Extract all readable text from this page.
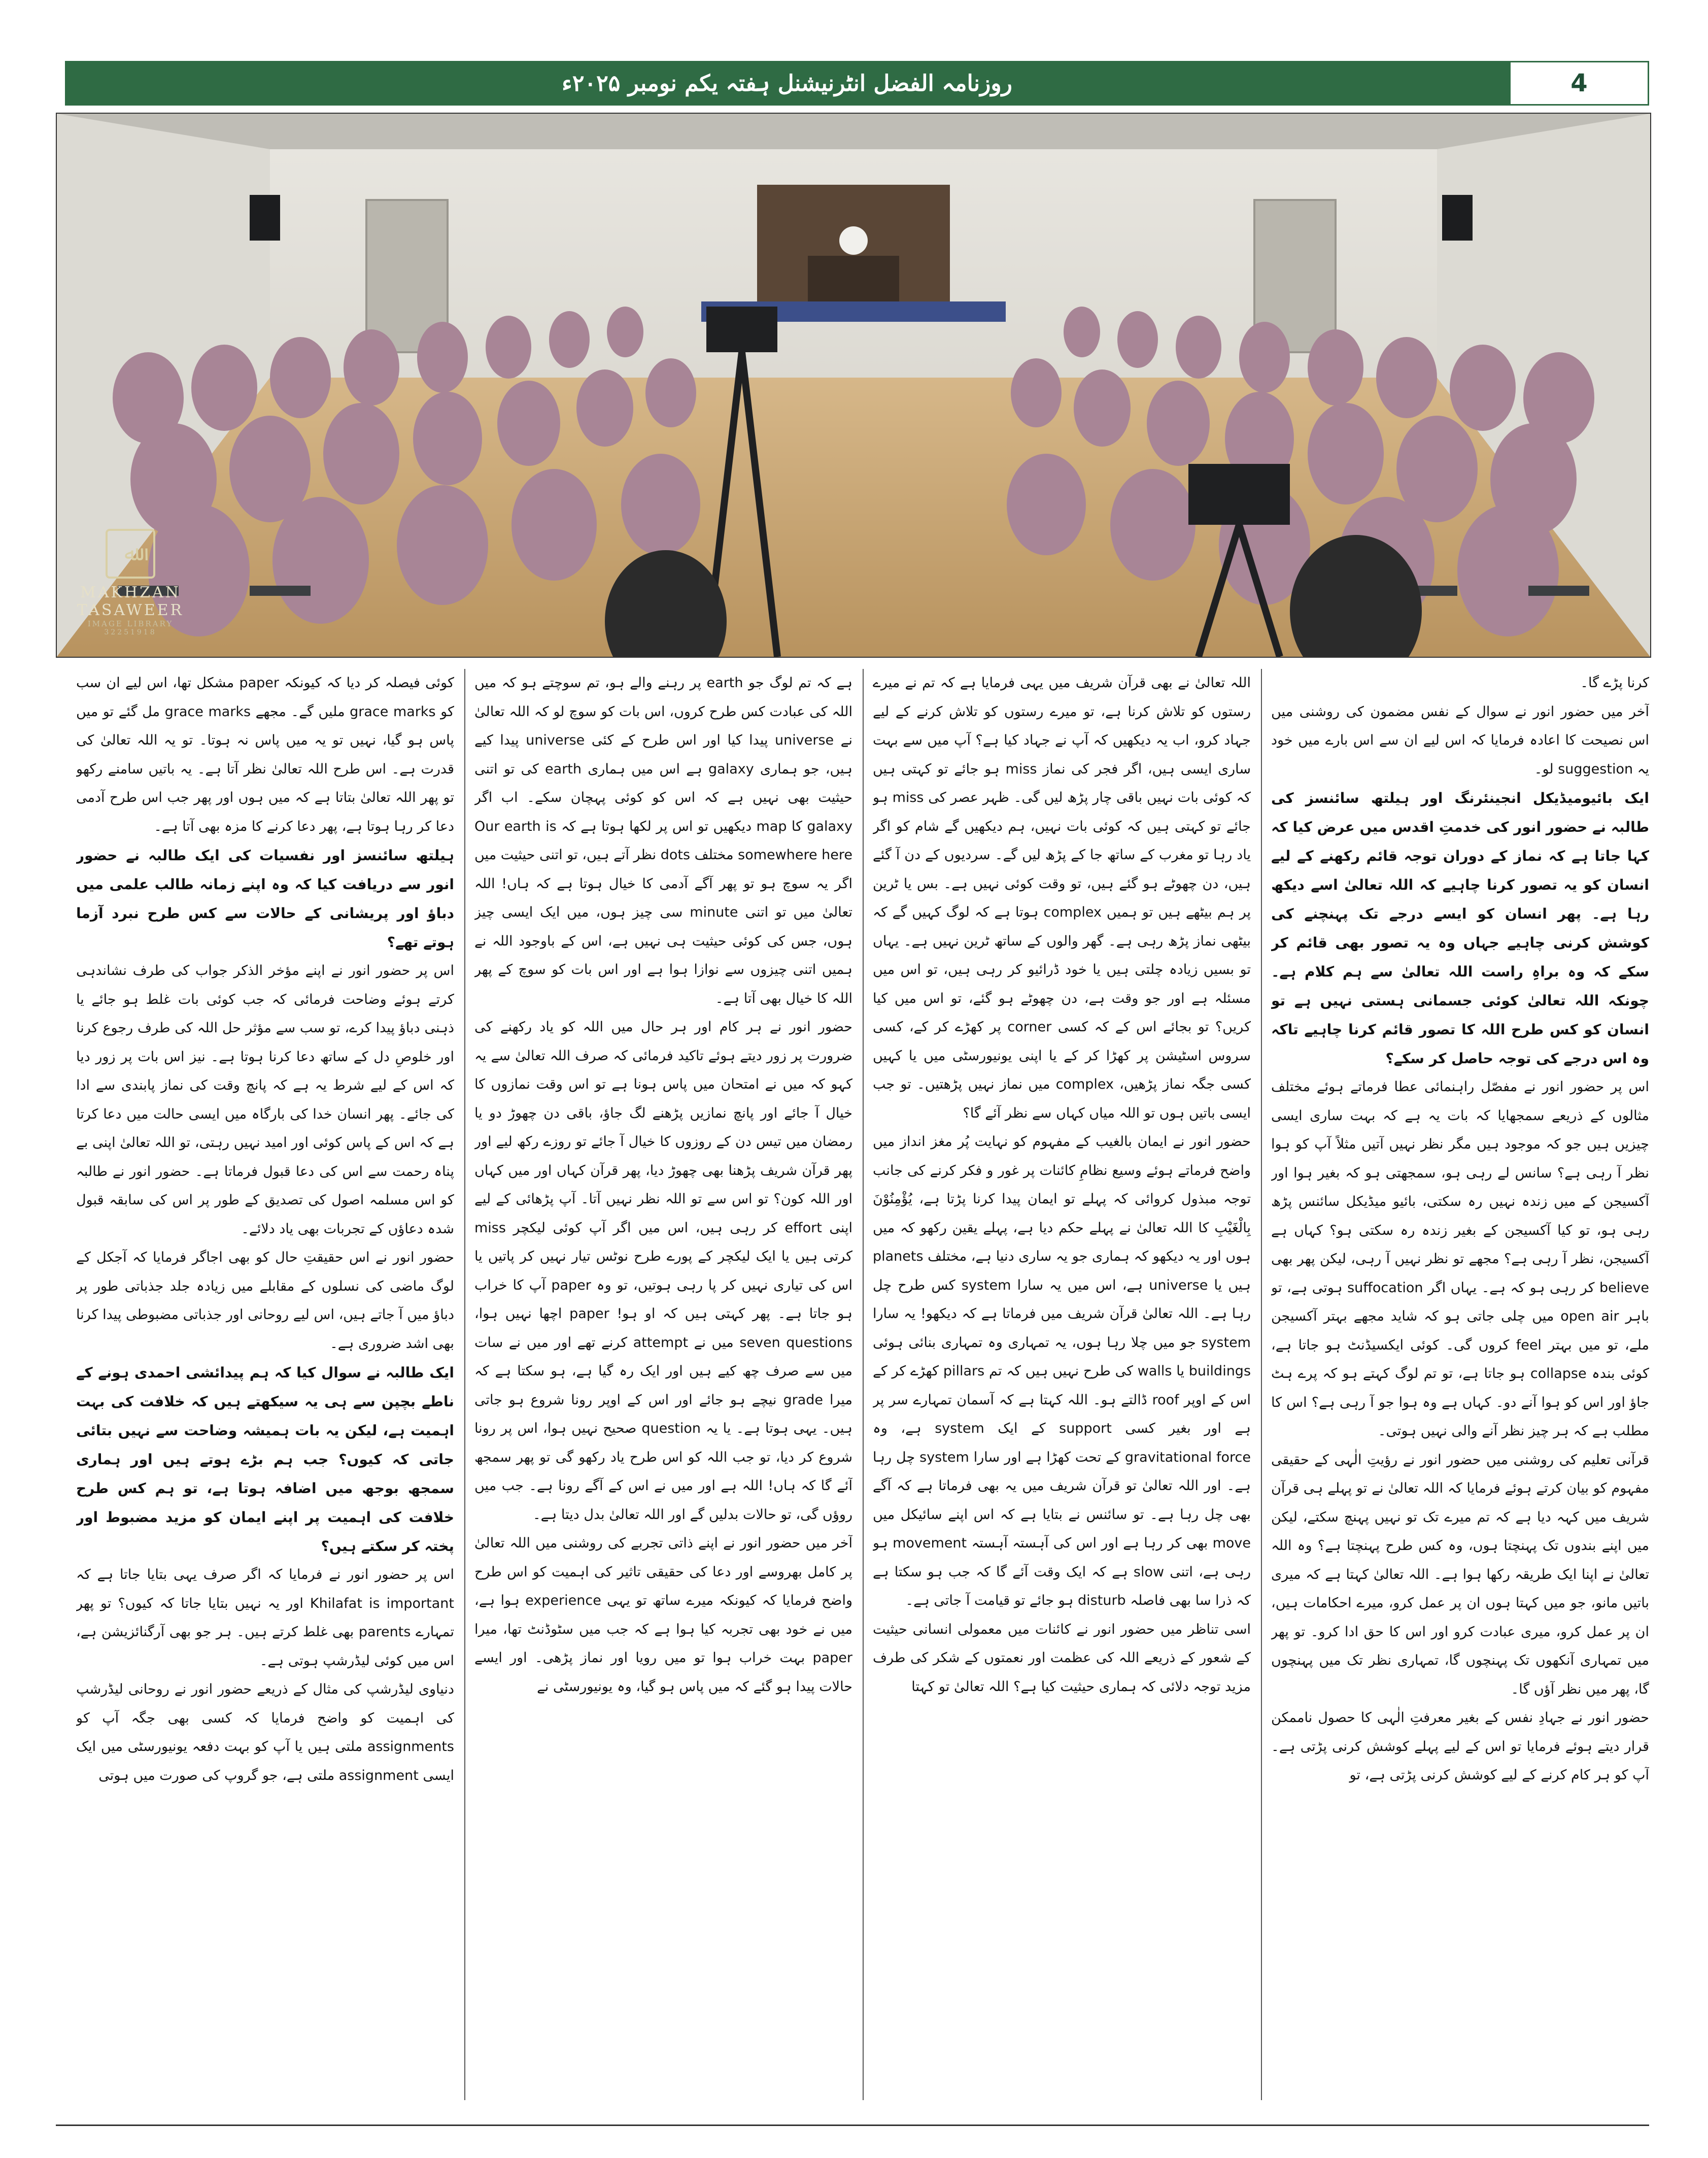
روزنامہ الفضل انٹرنیشنل ہفتہ یکم نومبر ۲۰۲۵ء	4
ﷲ
MAKHZAN
TASAWEER
IMAGE LIBRARY
32251918

کرنا پڑے گا۔

آخر میں حضور انور نے سوال کے نفس مضمون کی روشنی میں اس نصیحت کا اعادہ فرمایا کہ اس لیے ان سے اس بارے میں خود یہ suggestion لو۔

ایک بائیومیڈیکل انجینئرنگ اور ہیلتھ سائنسز کی طالبہ نے حضور انور کی خدمتِ اقدس میں عرض کیا کہ کہا جاتا ہے کہ نماز کے دوران توجہ قائم رکھنے کے لیے انسان کو یہ تصور کرنا چاہیے کہ اللہ تعالیٰ اسے دیکھ رہا ہے۔ پھر انسان کو ایسے درجے تک پہنچنے کی کوشش کرنی چاہیے جہاں وہ یہ تصور بھی قائم کر سکے کہ وہ براہِ راست اللہ تعالیٰ سے ہم کلام ہے۔ چونکہ اللہ تعالیٰ کوئی جسمانی ہستی نہیں ہے تو انسان کو کس طرح اللہ کا تصور قائم کرنا چاہیے تاکہ وہ اس درجے کی توجہ حاصل کر سکے؟

اس پر حضور انور نے مفصّل راہنمائی عطا فرماتے ہوئے مختلف مثالوں کے ذریعے سمجھایا کہ بات یہ ہے کہ بہت ساری ایسی چیزیں ہیں جو کہ موجود ہیں مگر نظر نہیں آتیں مثلاً آپ کو ہوا نظر آ رہی ہے؟ سانس لے رہی ہو، سمجھتی ہو کہ بغیر ہوا اور آکسیجن کے میں زندہ نہیں رہ سکتی، بائیو میڈیکل سائنس پڑھ رہی ہو، تو کیا آکسیجن کے بغیر زندہ رہ سکتی ہو؟ کہاں ہے آکسیجن، نظر آ رہی ہے؟ مجھے تو نظر نہیں آ رہی، لیکن پھر بھی believe کر رہی ہو کہ ہے۔ یہاں اگر suffocation ہوتی ہے، تو باہر open air میں چلی جاتی ہو کہ شاید مجھے بہتر آکسیجن ملے، تو میں بہتر feel کروں گی۔ کوئی ایکسیڈنٹ ہو جاتا ہے، کوئی بندہ collapse ہو جاتا ہے، تو تم لوگ کہتے ہو کہ پرے ہٹ جاؤ اور اس کو ہوا آنے دو۔ کہاں ہے وہ ہوا جو آ رہی ہے؟ اس کا مطلب ہے کہ ہر چیز نظر آنے والی نہیں ہوتی۔

قرآنی تعلیم کی روشنی میں حضور انور نے رؤیتِ الٰہی کے حقیقی مفہوم کو بیان کرتے ہوئے فرمایا کہ اللہ تعالیٰ نے تو پہلے ہی قرآن شریف میں کہہ دیا ہے کہ تم میرے تک تو نہیں پہنچ سکتے، لیکن میں اپنے بندوں تک پہنچتا ہوں، وہ کس طرح پہنچتا ہے؟ وہ اللہ تعالیٰ نے اپنا ایک طریقہ رکھا ہوا ہے۔ اللہ تعالیٰ کہتا ہے کہ میری باتیں مانو، جو میں کہتا ہوں ان پر عمل کرو، میرے احکامات ہیں، ان پر عمل کرو، میری عبادت کرو اور اس کا حق ادا کرو۔ تو پھر میں تمہاری آنکھوں تک پہنچوں گا، تمہاری نظر تک میں پہنچوں گا، پھر میں نظر آؤں گا۔

حضور انور نے جہادِ نفس کے بغیر معرفتِ الٰہی کا حصول ناممکن قرار دیتے ہوئے فرمایا تو اس کے لیے پہلے کوشش کرنی پڑتی ہے۔ آپ کو ہر کام کرنے کے لیے کوشش کرنی پڑتی ہے، تو

اللہ تعالیٰ نے بھی قرآن شریف میں یہی فرمایا ہے کہ تم نے میرے رستوں کو تلاش کرنا ہے، تو میرے رستوں کو تلاش کرنے کے لیے جہاد کرو، اب یہ دیکھیں کہ آپ نے جہاد کیا ہے؟ آپ میں سے بہت ساری ایسی ہیں، اگر فجر کی نماز miss ہو جائے تو کہتی ہیں کہ کوئی بات نہیں باقی چار پڑھ لیں گی۔ ظہر عصر کی miss ہو جائے تو کہتی ہیں کہ کوئی بات نہیں، ہم دیکھیں گے شام کو اگر یاد رہا تو مغرب کے ساتھ جا کے پڑھ لیں گے۔ سردیوں کے دن آ گئے ہیں، دن چھوٹے ہو گئے ہیں، تو وقت کوئی نہیں ہے۔ بس یا ٹرین پر ہم بیٹھے ہیں تو ہمیں complex ہوتا ہے کہ لوگ کہیں گے کہ بیٹھی نماز پڑھ رہی ہے۔ گھر والوں کے ساتھ ٹرین نہیں ہے۔ یہاں تو بسیں زیادہ چلتی ہیں یا خود ڈرائیو کر رہی ہیں، تو اس میں مسئلہ ہے اور جو وقت ہے، دن چھوٹے ہو گئے، تو اس میں کیا کریں؟ تو بجائے اس کے کہ کسی corner پر کھڑے کر کے، کسی سروس اسٹیشن پر کھڑا کر کے یا اپنی یونیورسٹی میں یا کہیں کسی جگہ نماز پڑھیں، complex میں نماز نہیں پڑھتیں۔ تو جب ایسی باتیں ہوں تو اللہ میاں کہاں سے نظر آئے گا؟

حضور انور نے ایمان بالغیب کے مفہوم کو نہایت پُر مغز انداز میں واضح فرماتے ہوئے وسیع نظامِ کائنات پر غور و فکر کرنے کی جانب توجہ مبذول کروائی کہ پہلے تو ایمان پیدا کرنا پڑتا ہے، یُؤْمِنُوْنَ بِالْغَیْبِ کا اللہ تعالیٰ نے پہلے حکم دیا ہے، پہلے یقین رکھو کہ میں ہوں اور یہ دیکھو کہ ہماری جو یہ ساری دنیا ہے، مختلف planets ہیں یا universe ہے، اس میں یہ سارا system کس طرح چل رہا ہے۔ اللہ تعالیٰ قرآن شریف میں فرماتا ہے کہ دیکھو! یہ سارا system جو میں چلا رہا ہوں، یہ تمہاری وہ تمہاری بنائی ہوئی buildings یا walls کی طرح نہیں ہیں کہ تم pillars کھڑے کر کے اس کے اوپر roof ڈالتے ہو۔ اللہ کہتا ہے کہ آسمان تمہارے سر پر ہے اور بغیر کسی support کے ایک system ہے، وہ gravitational force کے تحت کھڑا ہے اور سارا system چل رہا ہے۔ اور اللہ تعالیٰ تو قرآن شریف میں یہ بھی فرماتا ہے کہ آگے بھی چل رہا ہے۔ تو سائنس نے بتایا ہے کہ اس اپنے سائیکل میں move بھی کر رہا ہے اور اس کی آہستہ آہستہ movement ہو رہی ہے، اتنی slow ہے کہ ایک وقت آئے گا کہ جب ہو سکتا ہے کہ ذرا سا بھی فاصلہ disturb ہو جائے تو قیامت آ جاتی ہے۔

اسی تناظر میں حضور انور نے کائنات میں معمولی انسانی حیثیت کے شعور کے ذریعے اللہ کی عظمت اور نعمتوں کے شکر کی طرف مزید توجہ دلائی کہ ہماری حیثیت کیا ہے؟ اللہ تعالیٰ تو کہتا

ہے کہ تم لوگ جو earth پر رہنے والے ہو، تم سوچتے ہو کہ میں اللہ کی عبادت کس طرح کروں، اس بات کو سوچ لو کہ اللہ تعالیٰ نے universe پیدا کیا اور اس طرح کے کئی universe پیدا کیے ہیں، جو ہماری galaxy ہے اس میں ہماری earth کی تو اتنی حیثیت بھی نہیں ہے کہ اس کو کوئی پہچان سکے۔ اب اگر galaxy کا map دیکھیں تو اس پر لکھا ہوتا ہے کہ Our earth is somewhere here مختلف dots نظر آتے ہیں، تو اتنی حیثیت میں اگر یہ سوچ ہو تو پھر آگے آدمی کا خیال ہوتا ہے کہ ہاں! اللہ تعالیٰ میں تو اتنی minute سی چیز ہوں، میں ایک ایسی چیز ہوں، جس کی کوئی حیثیت ہی نہیں ہے، اس کے باوجود اللہ نے ہمیں اتنی چیزوں سے نوازا ہوا ہے اور اس بات کو سوچ کے پھر اللہ کا خیال بھی آتا ہے۔

حضور انور نے ہر کام اور ہر حال میں اللہ کو یاد رکھنے کی ضرورت پر زور دیتے ہوئے تاکید فرمائی کہ صرف اللہ تعالیٰ سے یہ کہو کہ میں نے امتحان میں پاس ہونا ہے تو اس وقت نمازوں کا خیال آ جائے اور پانچ نمازیں پڑھنے لگ جاؤ، باقی دن چھوڑ دو یا رمضان میں تیس دن کے روزوں کا خیال آ جائے تو روزے رکھ لیے اور پھر قرآن شریف پڑھنا بھی چھوڑ دیا، پھر قرآن کہاں اور میں کہاں اور اللہ کون؟ تو اس سے تو اللہ نظر نہیں آتا۔ آپ پڑھائی کے لیے اپنی effort کر رہی ہیں، اس میں اگر آپ کوئی لیکچر miss کرتی ہیں یا ایک لیکچر کے پورے طرح نوٹس تیار نہیں کر پاتیں یا اس کی تیاری نہیں کر پا رہی ہوتیں، تو وہ paper آپ کا خراب ہو جاتا ہے۔ پھر کہتی ہیں کہ او ہو! paper اچھا نہیں ہوا، seven questions میں نے attempt کرنے تھے اور میں نے سات میں سے صرف چھ کیے ہیں اور ایک رہ گیا ہے، ہو سکتا ہے کہ میرا grade نیچے ہو جائے اور اس کے اوپر رونا شروع ہو جاتی ہیں۔ یہی ہوتا ہے۔ یا یہ question صحیح نہیں ہوا، اس پر رونا شروع کر دیا، تو جب اللہ کو اس طرح یاد رکھو گی تو پھر سمجھ آئے گا کہ ہاں! اللہ ہے اور میں نے اس کے آگے رونا ہے۔ جب میں روؤں گی، تو حالات بدلیں گے اور اللہ تعالیٰ بدل دیتا ہے۔

آخر میں حضور انور نے اپنے ذاتی تجربے کی روشنی میں اللہ تعالیٰ پر کامل بھروسے اور دعا کی حقیقی تاثیر کی اہمیت کو اس طرح واضح فرمایا کہ کیونکہ میرے ساتھ تو یہی experience ہوا ہے، میں نے خود بھی تجربہ کیا ہوا ہے کہ جب میں سٹوڈنٹ تھا، میرا paper بہت خراب ہوا تو میں رویا اور نماز پڑھی۔ اور ایسے حالات پیدا ہو گئے کہ میں پاس ہو گیا، وہ یونیورسٹی نے

کوئی فیصلہ کر دیا کہ کیونکہ paper مشکل تھا، اس لیے ان سب کو grace marks ملیں گے۔ مجھے grace marks مل گئے تو میں پاس ہو گیا، نہیں تو یہ میں پاس نہ ہوتا۔ تو یہ اللہ تعالیٰ کی قدرت ہے۔ اس طرح اللہ تعالیٰ نظر آتا ہے۔ یہ باتیں سامنے رکھو تو پھر اللہ تعالیٰ بتاتا ہے کہ میں ہوں اور پھر جب اس طرح آدمی دعا کر رہا ہوتا ہے، پھر دعا کرنے کا مزہ بھی آتا ہے۔

ہیلتھ سائنسز اور نفسیات کی ایک طالبہ نے حضور انور سے دریافت کیا کہ وہ اپنے زمانہ طالب علمی میں دباؤ اور پریشانی کے حالات سے کس طرح نبرد آزما ہوتے تھے؟

اس پر حضور انور نے اپنے مؤخر الذکر جواب کی طرف نشاندہی کرتے ہوئے وضاحت فرمائی کہ جب کوئی بات غلط ہو جائے یا ذہنی دباؤ پیدا کرے، تو سب سے مؤثر حل اللہ کی طرف رجوع کرنا اور خلوصِ دل کے ساتھ دعا کرنا ہوتا ہے۔ نیز اس بات پر زور دیا کہ اس کے لیے شرط یہ ہے کہ پانچ وقت کی نماز پابندی سے ادا کی جائے۔ پھر انسان خدا کی بارگاہ میں ایسی حالت میں دعا کرتا ہے کہ اس کے پاس کوئی اور امید نہیں رہتی، تو اللہ تعالیٰ اپنی بے پناہ رحمت سے اس کی دعا قبول فرماتا ہے۔ حضور انور نے طالبہ کو اس مسلمہ اصول کی تصدیق کے طور پر اس کی سابقہ قبول شدہ دعاؤں کے تجربات بھی یاد دلائے۔

حضور انور نے اس حقیقتِ حال کو بھی اجاگر فرمایا کہ آجکل کے لوگ ماضی کی نسلوں کے مقابلے میں زیادہ جلد جذباتی طور پر دباؤ میں آ جاتے ہیں، اس لیے روحانی اور جذباتی مضبوطی پیدا کرنا بھی اشد ضروری ہے۔

ایک طالبہ نے سوال کیا کہ ہم پیدائشی احمدی ہونے کے ناطے بچپن سے ہی یہ سیکھتے ہیں کہ خلافت کی بہت اہمیت ہے، لیکن یہ بات ہمیشہ وضاحت سے نہیں بتائی جاتی کہ کیوں؟ جب ہم بڑے ہوتے ہیں اور ہماری سمجھ بوجھ میں اضافہ ہوتا ہے، تو ہم کس طرح خلافت کی اہمیت پر اپنے ایمان کو مزید مضبوط اور پختہ کر سکتے ہیں؟

اس پر حضور انور نے فرمایا کہ اگر صرف یہی بتایا جاتا ہے کہ Khilafat is important اور یہ نہیں بتایا جاتا کہ کیوں؟ تو پھر تمہارے parents بھی غلط کرتے ہیں۔ ہر جو بھی آرگنائزیشن ہے، اس میں کوئی لیڈرشپ ہوتی ہے۔

دنیاوی لیڈرشپ کی مثال کے ذریعے حضور انور نے روحانی لیڈرشپ کی اہمیت کو واضح فرمایا کہ کسی بھی جگہ آپ کو assignments ملتی ہیں یا آپ کو بہت دفعہ یونیورسٹی میں ایک ایسی assignment ملتی ہے، جو گروپ کی صورت میں ہوتی
